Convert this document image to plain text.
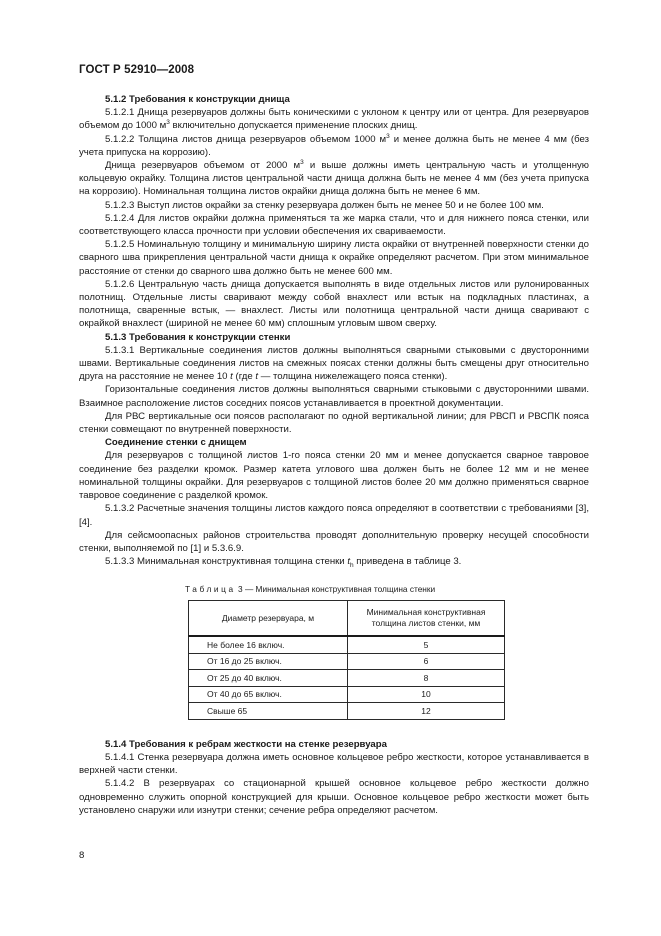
ГОСТ Р 52910—2008

5.1.2 Требования к конструкции днища

5.1.2.1 Днища резервуаров должны быть коническими с уклоном к центру или от центра. Для резервуаров объемом до 1000 $м^3$ включительно допускается применение плоских днищ.

5.1.2.2 Толщина листов днища резервуаров объемом 1000 $м^3$ и менее должна быть не менее 4 мм (без учета припуска на коррозию).

Днища резервуаров объемом от 2000 $м^3$ и выше должны иметь центральную часть и утолщенную кольцевую окрайку. Толщина листов центральной части днища должна быть не менее 4 мм (без учета припуска на коррозию). Номинальная толщина листов окрайки днища должна быть не менее 6 мм.

5.1.2.3 Выступ листов окрайки за стенку резервуара должен быть не менее 50 и не более 100 мм.

5.1.2.4 Для листов окрайки должна применяться та же марка стали, что и для нижнего пояса стенки, или соответствующего класса прочности при условии обеспечения их свариваемости.

5.1.2.5 Номинальную толщину и минимальную ширину листа окрайки от внутренней поверхности стенки до сварного шва прикрепления центральной части днища к окрайке определяют расчетом. При этом минимальное расстояние от стенки до сварного шва должно быть не менее 600 мм.

5.1.2.6 Центральную часть днища допускается выполнять в виде отдельных листов или рулонированных полотнищ. Отдельные листы сваривают между собой внахлест или встык на подкладных пластинах, а полотнища, сваренные встык, — внахлест. Листы или полотнища центральной части днища сваривают с окрайкой внахлест (шириной не менее 60 мм) сплошным угловым швом сверху.

5.1.3 Требования к конструкции стенки

5.1.3.1 Вертикальные соединения листов должны выполняться сварными стыковыми с двусторонними швами. Вертикальные соединения листов на смежных поясах стенки должны быть смещены друг относительно друга на расстояние не менее 10 t (где t — толщина нижележащего пояса стенки).

Горизонтальные соединения листов должны выполняться сварными стыковыми с двусторонними швами. Взаимное расположение листов соседних поясов устанавливается в проектной документации.

Для РВС вертикальные оси поясов располагают по одной вертикальной линии; для РВСП и РВСПК пояса стенки совмещают по внутренней поверхности.

Соединение стенки с днищем

Для резервуаров с толщиной листов 1-го пояса стенки 20 мм и менее допускается сварное тавровое соединение без разделки кромок. Размер катета углового шва должен быть не более 12 мм и не менее номинальной толщины окрайки. Для резервуаров с толщиной листов более 20 мм должно применяться сварное тавровое соединение с разделкой кромок.

5.1.3.2 Расчетные значения толщины листов каждого пояса определяют в соответствии с требованиями [3], [4].

Для сейсмоопасных районов строительства проводят дополнительную проверку несущей способности стенки, выполняемой по [1] и 5.3.6.9.

5.1.3.3 Минимальная конструктивная толщина стенки $t_h$ приведена в таблице 3.

Таблица 3 — Минимальная конструктивная толщина стенки
Диаметр резервуара, м	Минимальная конструктивная
толщина листов стенки, мм
Не более 16 включ.	5
От 16 до 25 включ.	6
От 25 до 40 включ.	8
От 40 до 65 включ.	10
Свыше 65	12

5.1.4 Требования к ребрам жесткости на стенке резервуара

5.1.4.1 Стенка резервуара должна иметь основное кольцевое ребро жесткости, которое устанавливается в верхней части стенки.

5.1.4.2 В резервуарах со стационарной крышей основное кольцевое ребро жесткости должно одновременно служить опорной конструкцией для крыши. Основное кольцевое ребро жесткости может быть установлено снаружи или изнутри стенки; сечение ребра определяют расчетом.

8
